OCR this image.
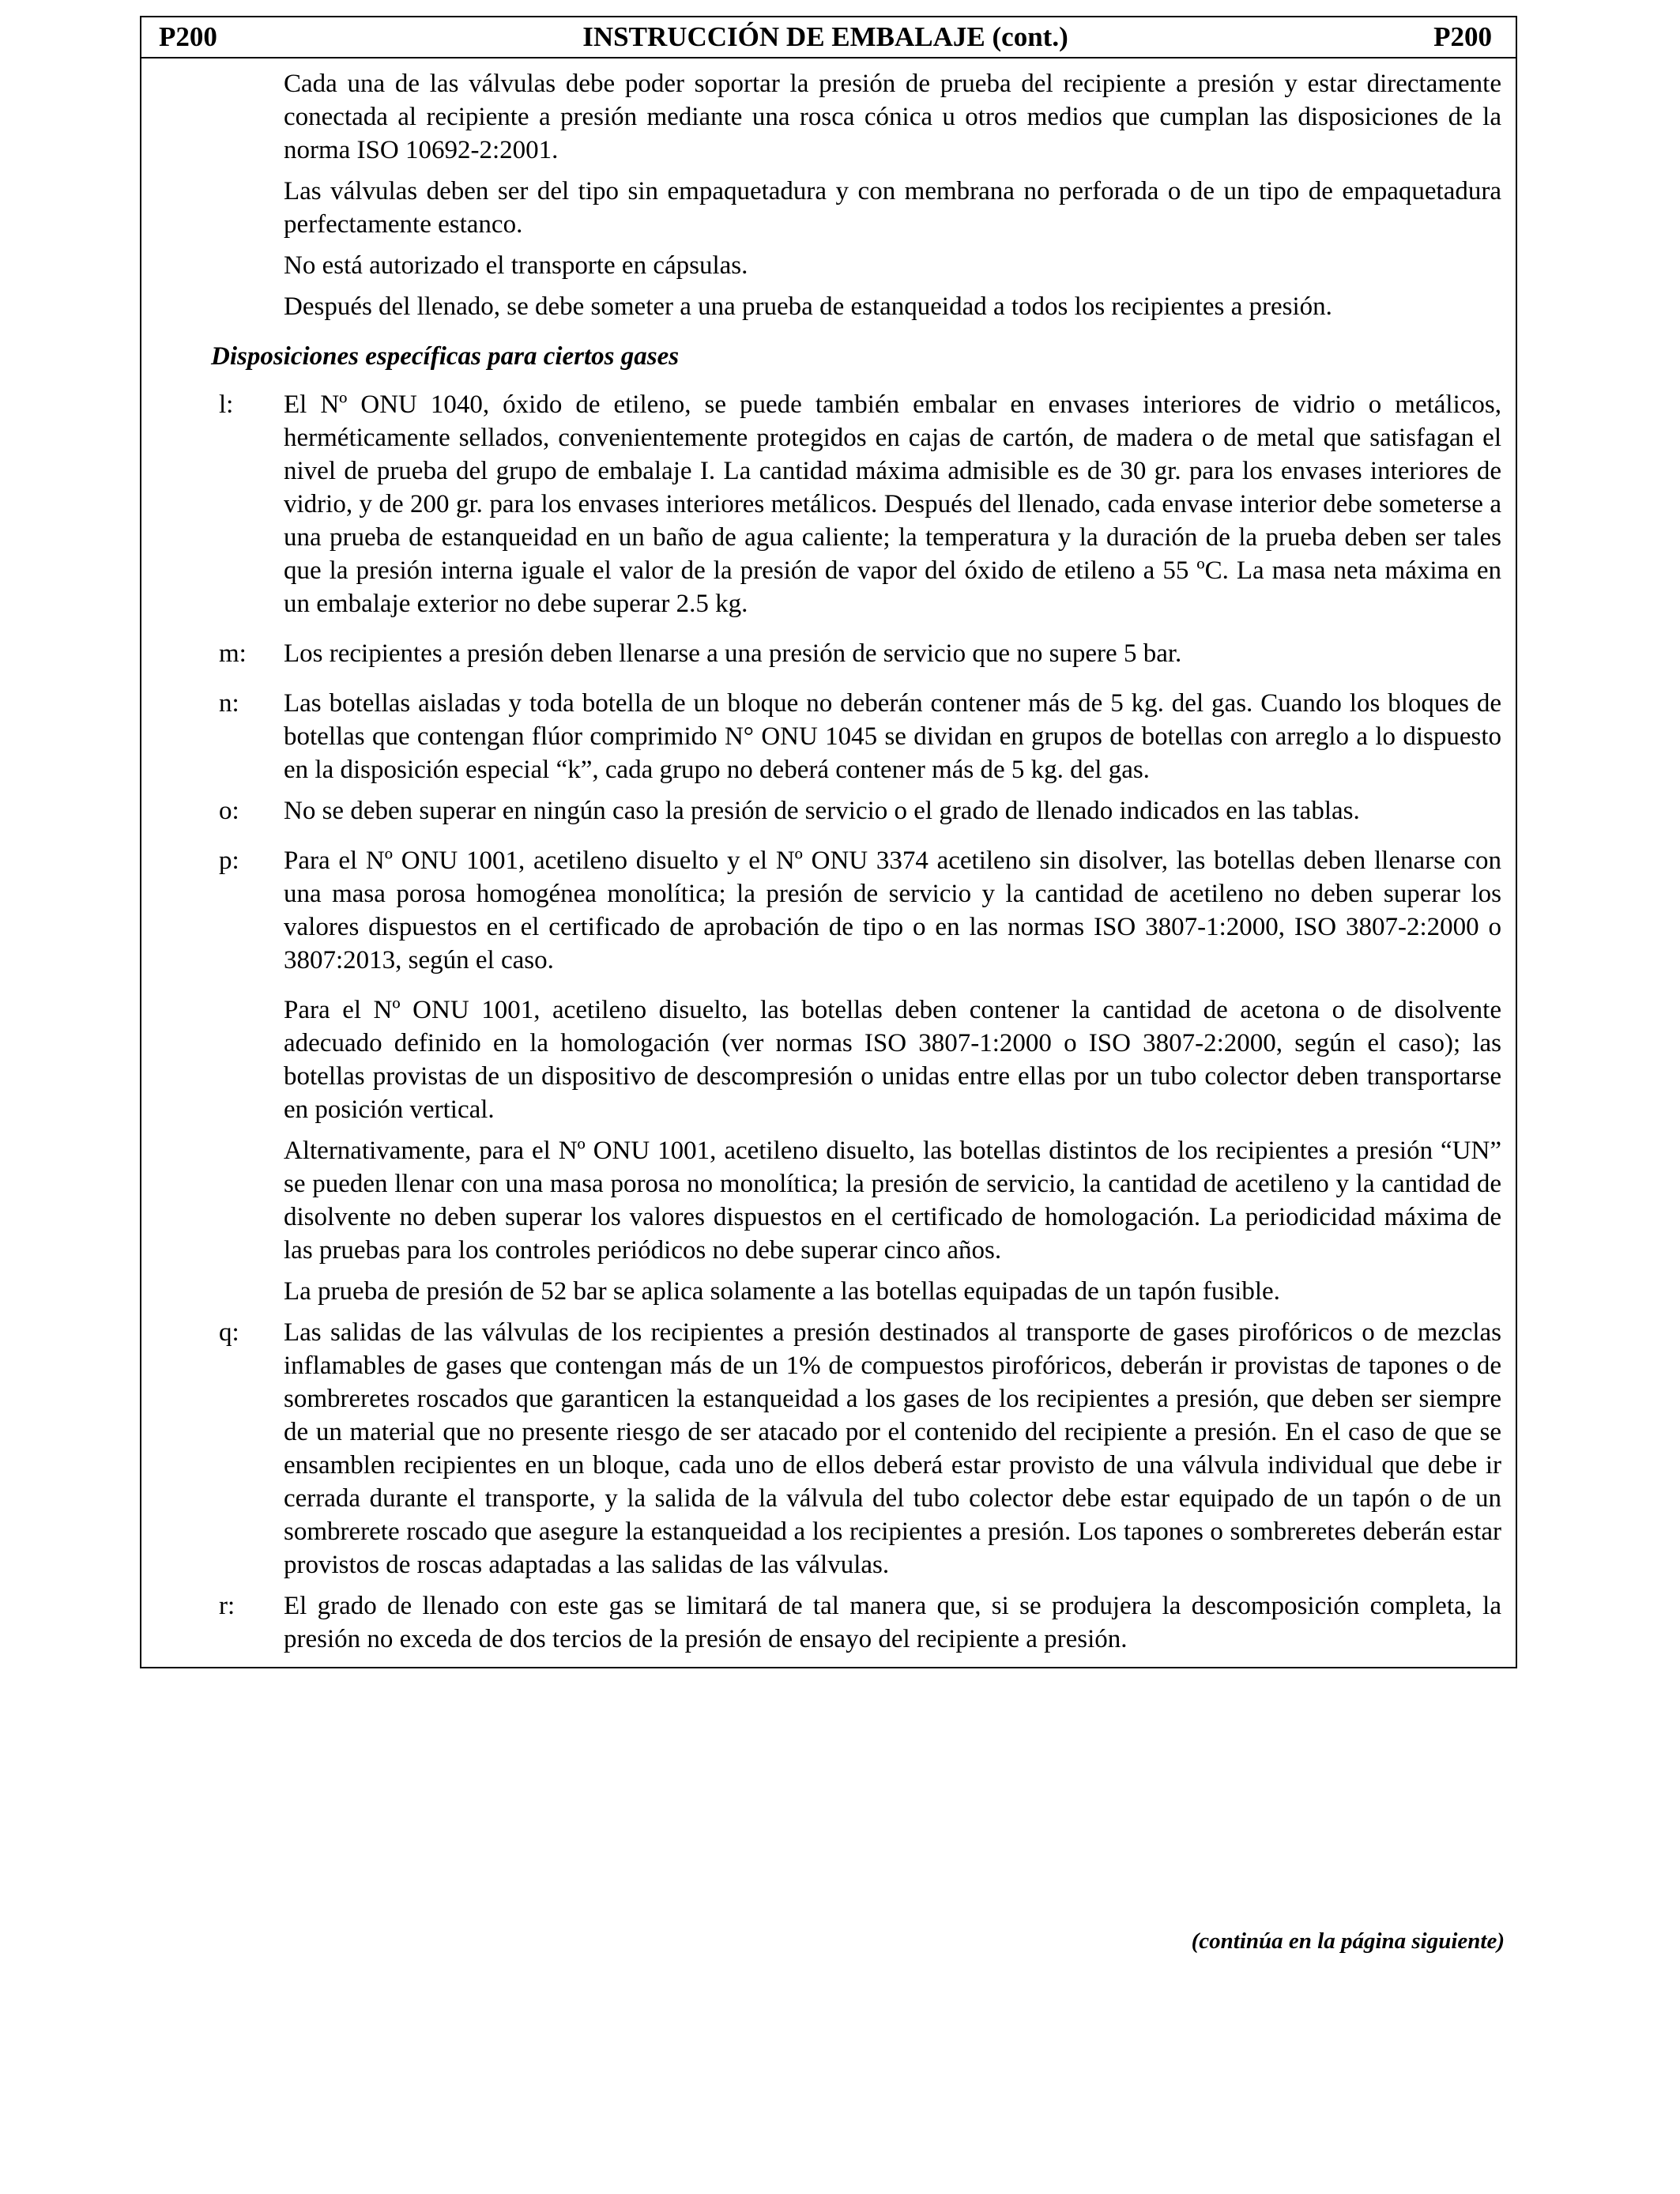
P200	INSTRUCCIÓN DE EMBALAJE (cont.)	P200

Cada una de las válvulas debe poder soportar la presión de prueba del recipiente a presión y estar directamente conectada al recipiente a presión mediante una rosca cónica u otros medios que cumplan las disposiciones de la norma ISO 10692-2:2001.

Las válvulas deben ser del tipo sin empaquetadura y con membrana no perforada o de un tipo de empaquetadura perfectamente estanco.

No está autorizado el transporte en cápsulas.

Después del llenado, se debe someter a una prueba de estanqueidad a todos los recipientes a presión.

Disposiciones específicas para ciertos gases

l:	El Nº ONU 1040, óxido de etileno, se puede también embalar en envases interiores de vidrio o metálicos, herméticamente sellados, convenientemente protegidos en cajas de cartón, de madera o de metal que satisfagan el nivel de prueba del grupo de embalaje I. La cantidad máxima admisible es de 30 gr. para los envases interiores de vidrio, y de 200 gr. para los envases interiores metálicos. Después del llenado, cada envase interior debe someterse a una prueba de estanqueidad en un baño de agua caliente; la temperatura y la duración de la prueba deben ser tales que la presión interna iguale el valor de la presión de vapor del óxido de etileno a 55 ºC. La masa neta máxima en un embalaje exterior no debe superar 2.5 kg.
m:	Los recipientes a presión deben llenarse a una presión de servicio que no supere 5 bar.
n:	Las botellas aisladas y toda botella de un bloque no deberán contener más de 5 kg. del gas. Cuando los bloques de botellas que contengan flúor comprimido N° ONU 1045 se dividan en grupos de botellas con arreglo a lo dispuesto en la disposición especial “k”, cada grupo no deberá contener más de 5 kg. del gas.
o:	No se deben superar en ningún caso la presión de servicio o el grado de llenado indicados en las tablas.
p:	Para el Nº ONU 1001, acetileno disuelto y el Nº ONU 3374 acetileno sin disolver, las botellas deben llenarse con una masa porosa homogénea monolítica; la presión de servicio y la cantidad de acetileno no deben superar los valores dispuestos en el certificado de aprobación de tipo o en las normas ISO 3807-1:2000, ISO 3807-2:2000 o 3807:2013, según el caso.

Para el Nº ONU 1001, acetileno disuelto, las botellas deben contener la cantidad de acetona o de disolvente adecuado definido en la homologación (ver normas ISO 3807-1:2000 o ISO 3807-2:2000, según el caso); las botellas provistas de un dispositivo de descompresión o unidas entre ellas por un tubo colector deben transportarse en posición vertical.

Alternativamente, para el Nº ONU 1001, acetileno disuelto, las botellas distintos de los recipientes a presión “UN” se pueden llenar con una masa porosa no monolítica; la presión de servicio, la cantidad de acetileno y la cantidad de disolvente no deben superar los valores dispuestos en el certificado de homologación. La periodicidad máxima de las pruebas para los controles periódicos no debe superar cinco años.

La prueba de presión de 52 bar se aplica solamente a las botellas equipadas de un tapón fusible.

q:	Las salidas de las válvulas de los recipientes a presión destinados al transporte de gases pirofóricos o de mezclas inflamables de gases que contengan más de un 1% de compuestos pirofóricos, deberán ir provistas de tapones o de sombreretes roscados que garanticen la estanqueidad a los gases de los recipientes a presión, que deben ser siempre de un material que no presente riesgo de ser atacado por el contenido del recipiente a presión. En el caso de que se ensamblen recipientes en un bloque, cada uno de ellos deberá estar provisto de una válvula individual que debe ir cerrada durante el transporte, y la salida de la válvula del tubo colector debe estar equipado de un tapón o de un sombrerete roscado que asegure la estanqueidad a los recipientes a presión. Los tapones o sombreretes deberán estar provistos de roscas adaptadas a las salidas de las válvulas.
r:	El grado de llenado con este gas se limitará de tal manera que, si se produjera la descomposición completa, la presión no exceda de dos tercios de la presión de ensayo del recipiente a presión.
(continúa en la página siguiente)
